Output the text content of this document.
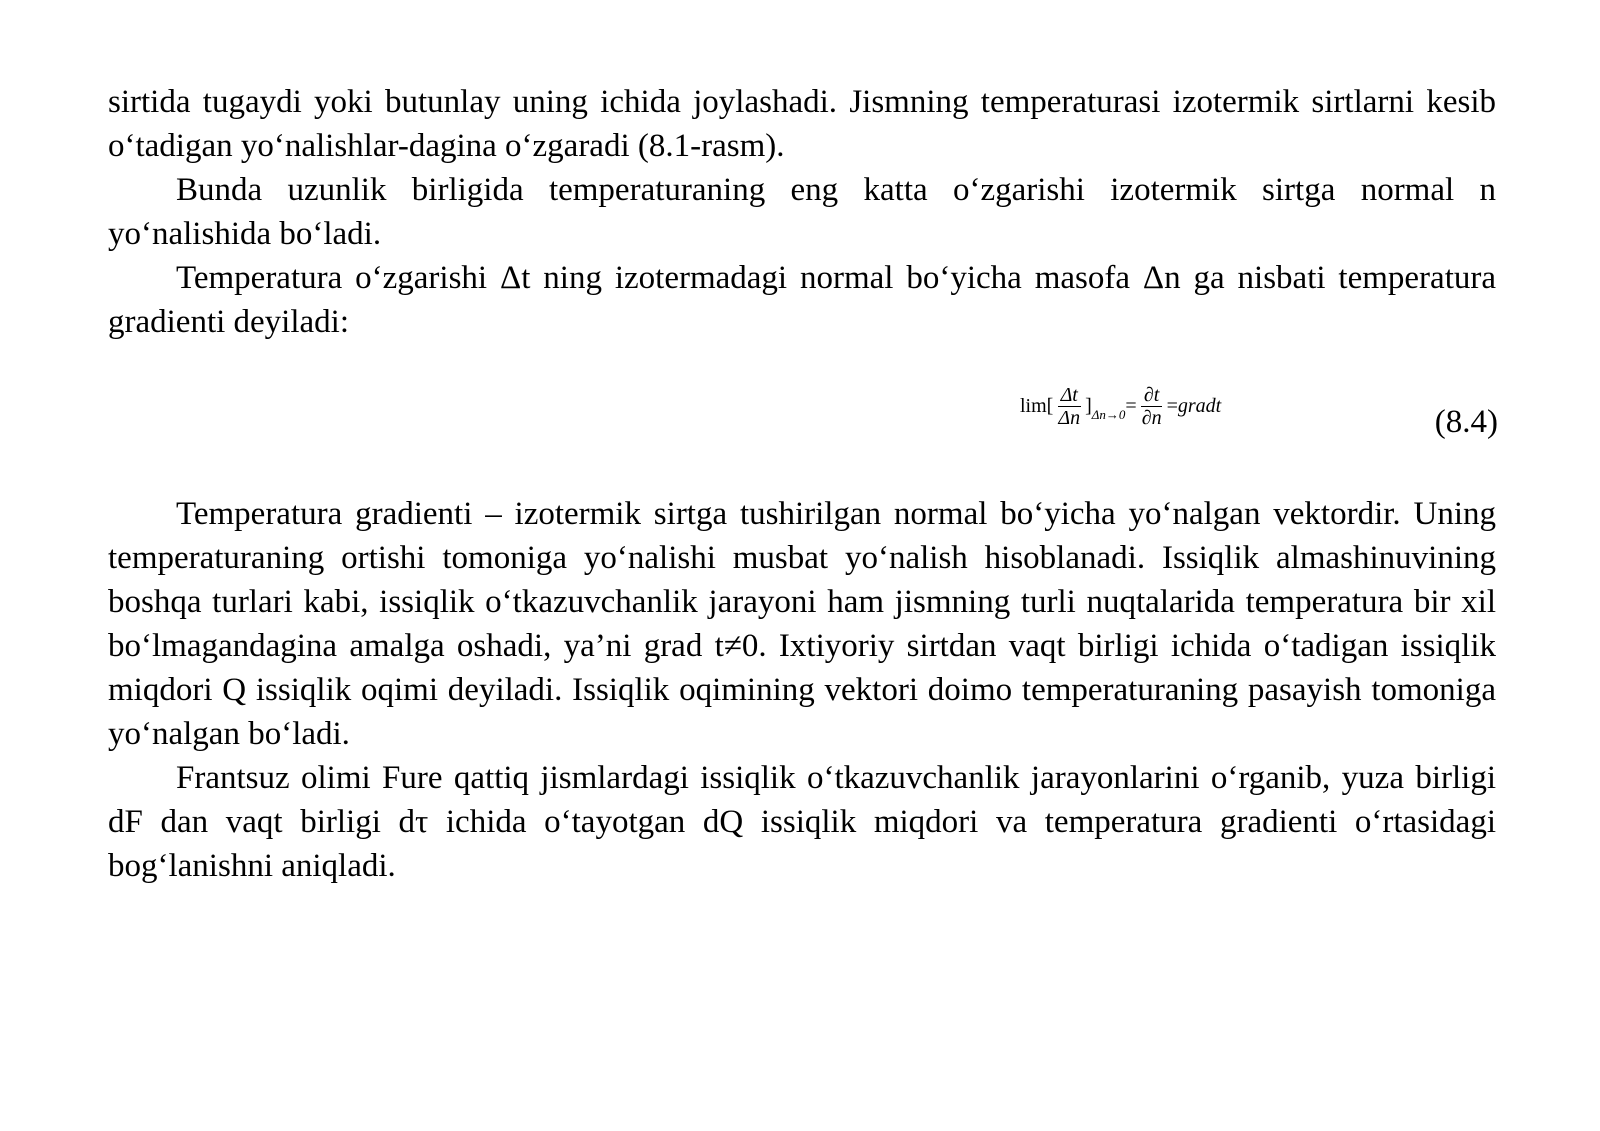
sirtida tugaydi yoki butunlay uning ichida joylashadi. Jismning temperaturasi izotermik sirtlarni kesib o‘tadigan yo‘nalishlar-dagina o‘zgaradi (8.1-rasm).

Bunda uzunlik birligida temperaturaning eng katta o‘zgarishi izotermik sirtga normal n yo‘nalishida bo‘ladi.

Temperatura o‘zgarishi Δt ning izotermadagi normal bo‘yicha masofa Δn ga nisbati temperatura gradienti deyiladi:

lim [ $\frac{\Delta t}{\Delta n}$ ] $\Delta n\to 0 = \frac{\partial t}{\partial n}$ = gradt	(8.4)

Temperatura gradienti – izotermik sirtga tushirilgan normal bo‘yicha yo‘nalgan vektordir. Uning temperaturaning ortishi tomoniga yo‘nalishi musbat yo‘nalish hisoblanadi. Issiqlik almashinuvining boshqa turlari kabi, issiqlik o‘tkazuvchanlik jarayoni ham jismning turli nuqtalarida temperatura bir xil bo‘lmagandagina amalga oshadi, ya’ni grad t≠0. Ixtiyoriy sirtdan vaqt birligi ichida o‘tadigan issiqlik miqdori Q issiqlik oqimi deyiladi. Issiqlik oqimining vektori doimo temperaturaning pasayish tomoniga yo‘nalgan bo‘ladi.

Frantsuz olimi Fure qattiq jismlardagi issiqlik o‘tkazuvchanlik jarayonlarini o‘rganib, yuza birligi dF dan vaqt birligi dτ ichida o‘tayotgan dQ issiqlik miqdori va temperatura gradienti o‘rtasidagi bog‘lanishni aniqladi.
